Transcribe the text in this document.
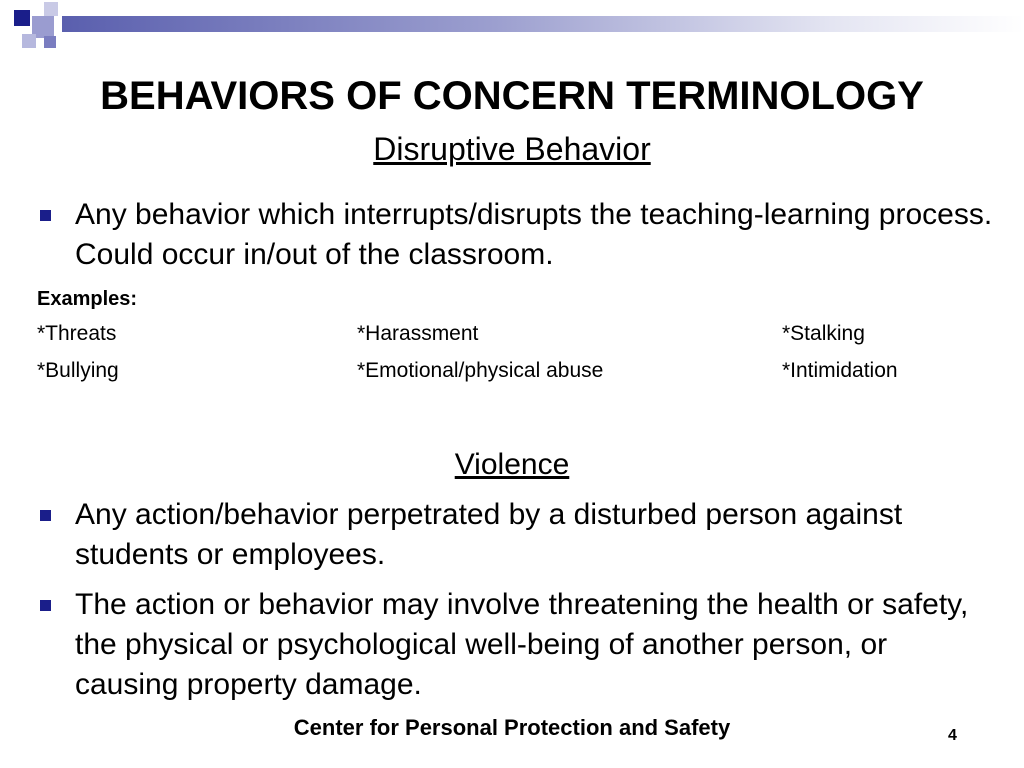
BEHAVIORS OF CONCERN TERMINOLOGY
Disruptive Behavior
Any behavior which interrupts/disrupts the teaching-learning process. Could occur in/out of the classroom.
Examples:
*Threats	*Harassment	*Stalking
*Bullying	*Emotional/physical abuse	*Intimidation
Violence
Any action/behavior perpetrated by a disturbed person against students or employees.
The action or behavior may involve threatening the health or safety, the physical or psychological well-being of another person, or causing property damage.
Center for Personal Protection and Safety	4
